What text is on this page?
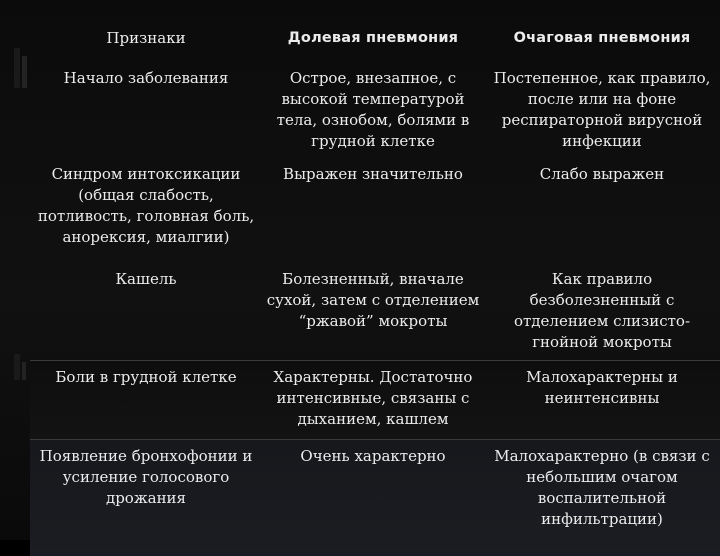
Признаки	Долевая пневмония	Очаговая пневмония
Начало заболевания	Острое, внезапное, с высокой температурой тела, ознобом, болями в грудной клетке	Постепенное, как правило, после или на фоне респираторной вирусной инфекции
Синдром интоксикации (общая слабость, потливость, головная боль, анорексия, миалгии)	Выражен значительно	Слабо выражен
Кашель	Болезненный, вначале сухой, затем с отделением “ржавой” мокроты	Как правило безболезненный с отделением слизисто-гнойной мокроты
Боли в грудной клетке	Характерны. Достаточно интенсивные, связаны с дыханием, кашлем	Малохарактерны и неинтенсивны
Появление бронхофонии и усиление голосового дрожания	Очень характерно	Малохарактерно (в связи с небольшим очагом воспалительной инфильтрации)
